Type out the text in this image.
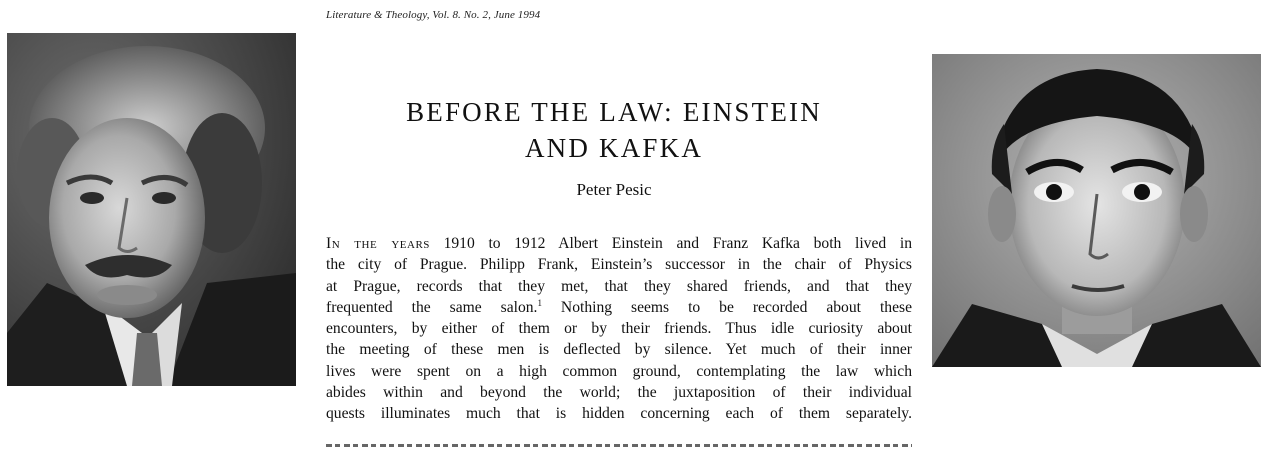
Literature & Theology, Vol. 8. No. 2, June 1994
BEFORE THE LAW: EINSTEIN
AND KAFKA
Peter Pesic
In the years 1910 to 1912 Albert Einstein and Franz Kafka both lived in
the city of Prague. Philipp Frank, Einstein’s successor in the chair of Physics
at Prague, records that they met, that they shared friends, and that they
frequented the same salon.$^1$ Nothing seems to be recorded about these
encounters, by either of them or by their friends. Thus idle curiosity about
the meeting of these men is deflected by silence. Yet much of their inner
lives were spent on a high common ground, contemplating the law which
abides within and beyond the world; the juxtaposition of their individual
quests illuminates much that is hidden concerning each of them separately.
